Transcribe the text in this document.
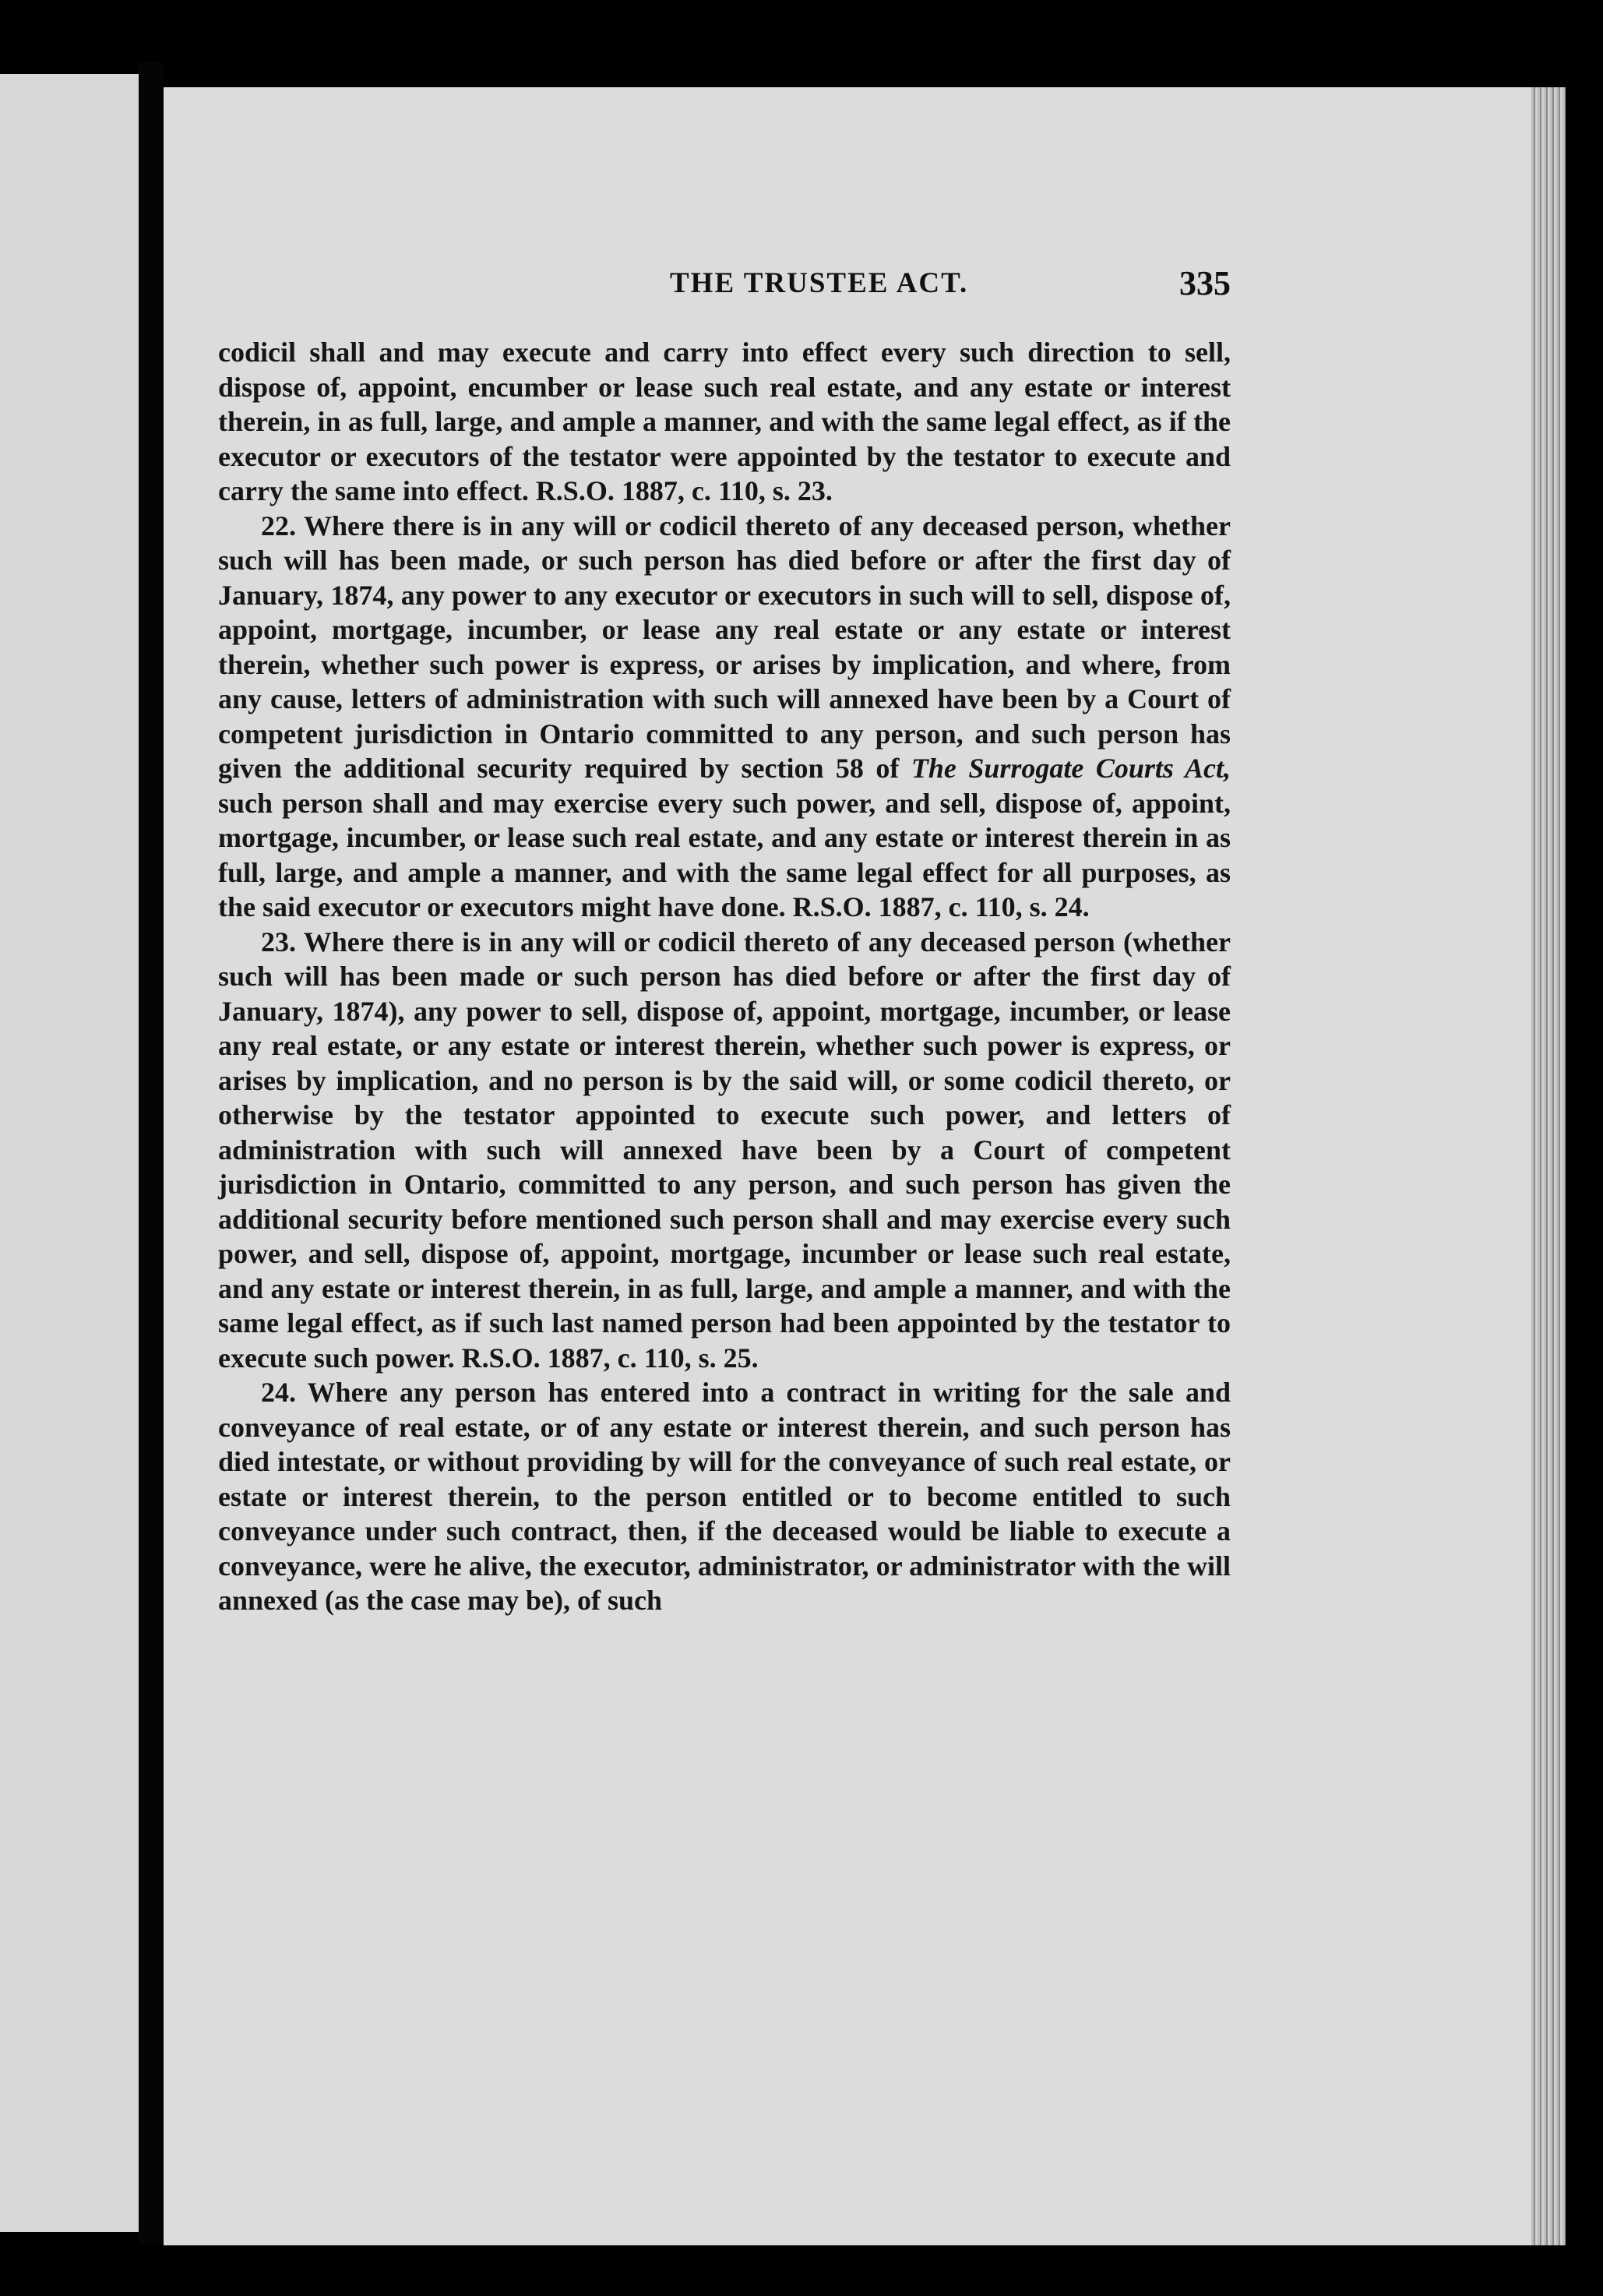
THE TRUSTEE ACT.	335

codicil shall and may execute and carry into effect every such direction to sell, dispose of, appoint, encumber or lease such real estate, and any estate or interest therein, in as full, large, and ample a manner, and with the same legal effect, as if the executor or executors of the testator were appointed by the testator to execute and carry the same into effect. R.S.O. 1887, c. 110, s. 23.

22. Where there is in any will or codicil thereto of any deceased person, whether such will has been made, or such person has died before or after the first day of January, 1874, any power to any executor or executors in such will to sell, dispose of, appoint, mortgage, incumber, or lease any real estate or any estate or interest therein, whether such power is express, or arises by implication, and where, from any cause, letters of administration with such will annexed have been by a Court of competent jurisdiction in Ontario committed to any person, and such person has given the additional security required by section 58 of The Surrogate Courts Act, such person shall and may exercise every such power, and sell, dispose of, appoint, mortgage, incumber, or lease such real estate, and any estate or interest therein in as full, large, and ample a manner, and with the same legal effect for all purposes, as the said executor or executors might have done. R.S.O. 1887, c. 110, s. 24.

23. Where there is in any will or codicil thereto of any deceased person (whether such will has been made or such person has died before or after the first day of January, 1874), any power to sell, dispose of, appoint, mortgage, incumber, or lease any real estate, or any estate or interest therein, whether such power is express, or arises by implication, and no person is by the said will, or some codicil thereto, or otherwise by the testator appointed to execute such power, and letters of administration with such will annexed have been by a Court of competent jurisdiction in Ontario, committed to any person, and such person has given the additional security before mentioned such person shall and may exercise every such power, and sell, dispose of, appoint, mortgage, incumber or lease such real estate, and any estate or interest therein, in as full, large, and ample a manner, and with the same legal effect, as if such last named person had been appointed by the testator to execute such power. R.S.O. 1887, c. 110, s. 25.

24. Where any person has entered into a contract in writing for the sale and conveyance of real estate, or of any estate or interest therein, and such person has died intestate, or without providing by will for the conveyance of such real estate, or estate or interest therein, to the person entitled or to become entitled to such conveyance under such contract, then, if the deceased would be liable to execute a conveyance, were he alive, the executor, administrator, or administrator with the will annexed (as the case may be), of such
